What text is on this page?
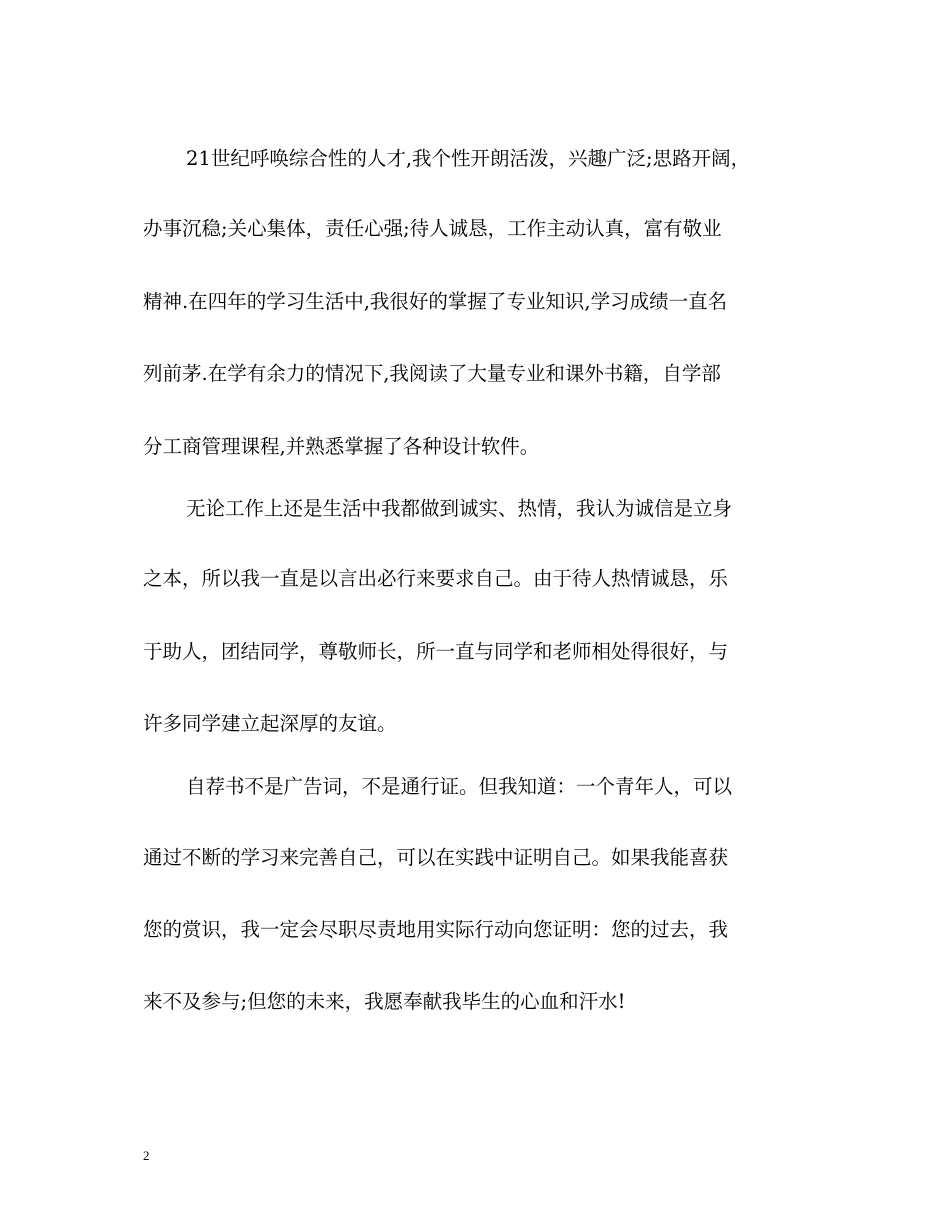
21世纪呼唤综合性的人才,我个性开朗活泼，兴趣广泛;思路开阔，
办事沉稳;关心集体，责任心强;待人诚恳，工作主动认真，富有敬业
精神.在四年的学习生活中,我很好的掌握了专业知识,学习成绩一直名
列前茅.在学有余力的情况下,我阅读了大量专业和课外书籍，自学部
分工商管理课程,并熟悉掌握了各种设计软件。
无论工作上还是生活中我都做到诚实、热情，我认为诚信是立身
之本，所以我一直是以言出必行来要求自己。由于待人热情诚恳，乐
于助人，团结同学，尊敬师长，所一直与同学和老师相处得很好，与
许多同学建立起深厚的友谊。
自荐书不是广告词，不是通行证。但我知道：一个青年人，可以
通过不断的学习来完善自己，可以在实践中证明自己。如果我能喜获
您的赏识，我一定会尽职尽责地用实际行动向您证明：您的过去，我
来不及参与;但您的未来，我愿奉献我毕生的心血和汗水!
2
